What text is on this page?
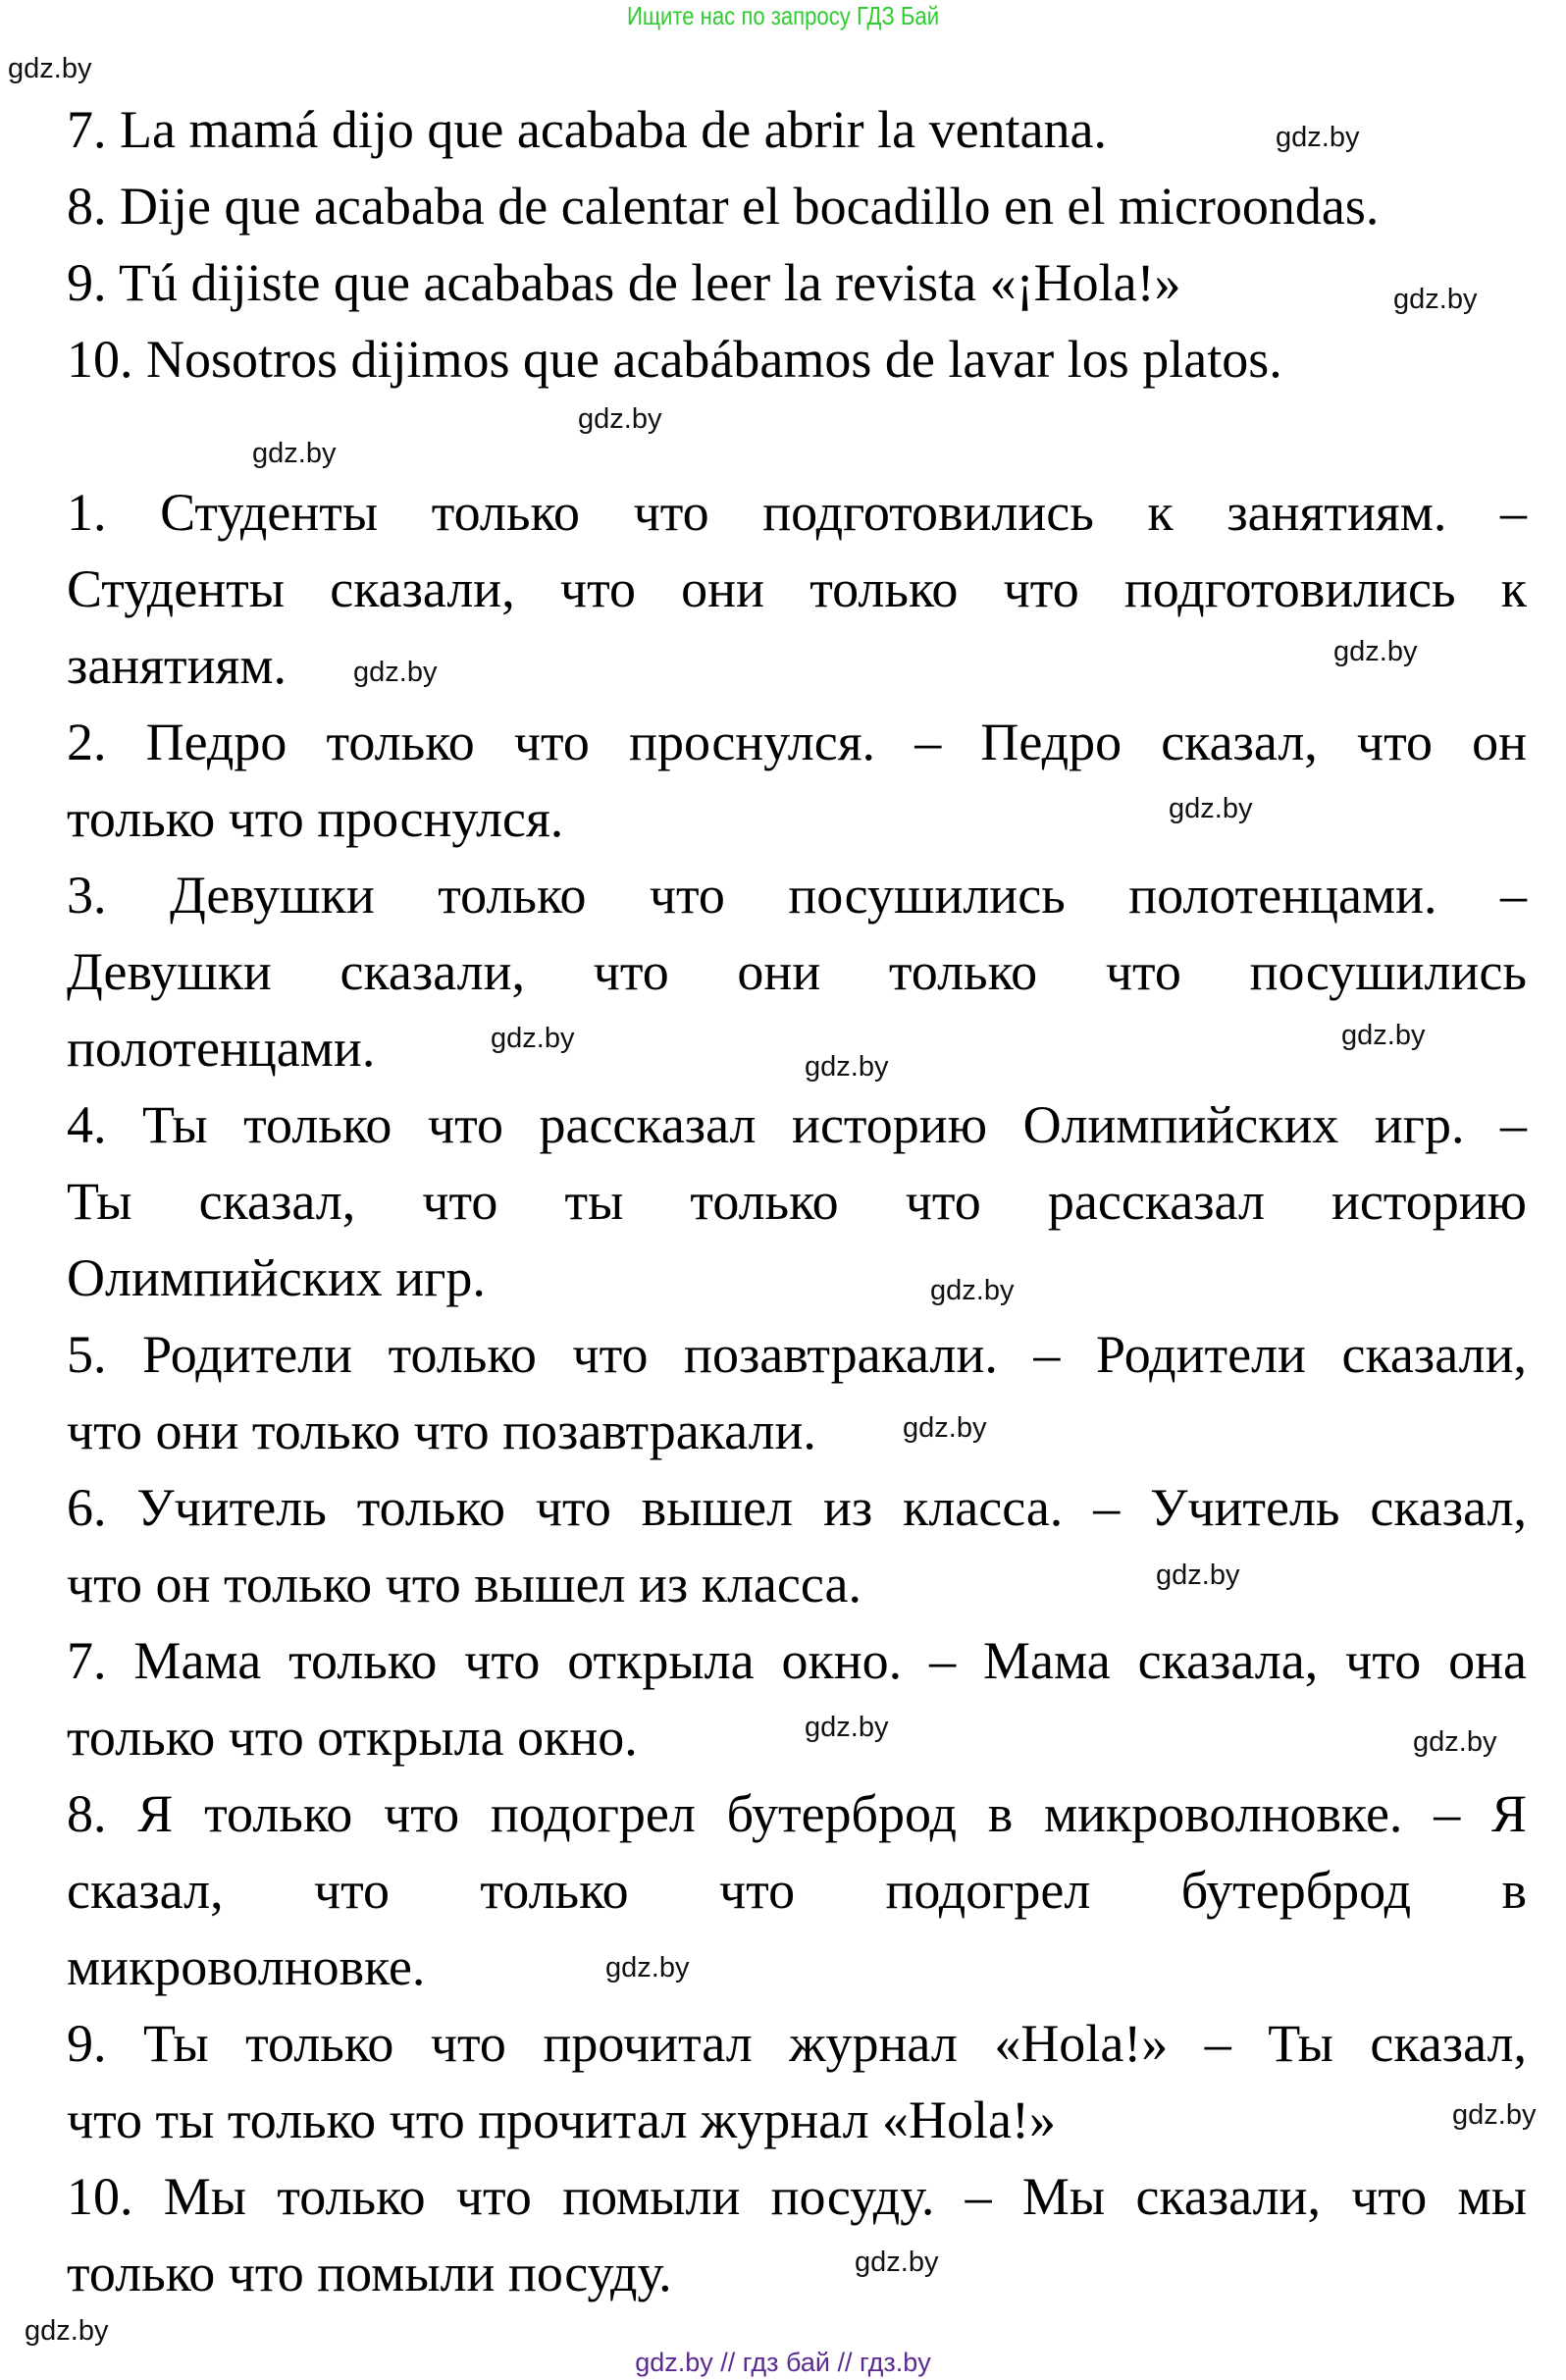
Ищите нас по запросу ГДЗ Бай
7. La mamá dijo que acababa de abrir la ventana.
8. Dije que acababa de calentar el bocadillo en el microondas.
9. Tú dijiste que acababas de leer la revista «¡Hola!»
10. Nosotros dijimos que acabábamos de lavar los platos.
1. Студенты только что подготовились к занятиям. –
Студенты сказали, что они только что подготовились к
занятиям.
2. Педро только что проснулся. – Педро сказал, что он
только что проснулся.
3. Девушки только что посушились полотенцами. –
Девушки сказали, что они только что посушились
полотенцами.
4. Ты только что рассказал историю Олимпийских игр. –
Ты сказал, что ты только что рассказал историю
Олимпийских игр.
5. Родители только что позавтракали. – Родители сказали,
что они только что позавтракали.
6. Учитель только что вышел из класса. – Учитель сказал,
что он только что вышел из класса.
7. Мама только что открыла окно. – Мама сказала, что она
только что открыла окно.
8. Я только что подогрел бутерброд в микроволновке. – Я
сказал, что только что подогрел бутерброд в
микроволновке.
9. Ты только что прочитал журнал «Hola!» – Ты сказал,
что ты только что прочитал журнал «Hola!»
10. Мы только что помыли посуду. – Мы сказали, что мы
только что помыли посуду.
gdz.by
gdz.by
gdz.by
gdz.by
gdz.by
gdz.by
gdz.by
gdz.by
gdz.by	gdz.by
gdz.by
gdz.by
gdz.by
gdz.by
gdz.by	gdz.by
gdz.by
gdz.by
gdz.by
gdz.by
gdz.by // гдз бай // гдз.by
